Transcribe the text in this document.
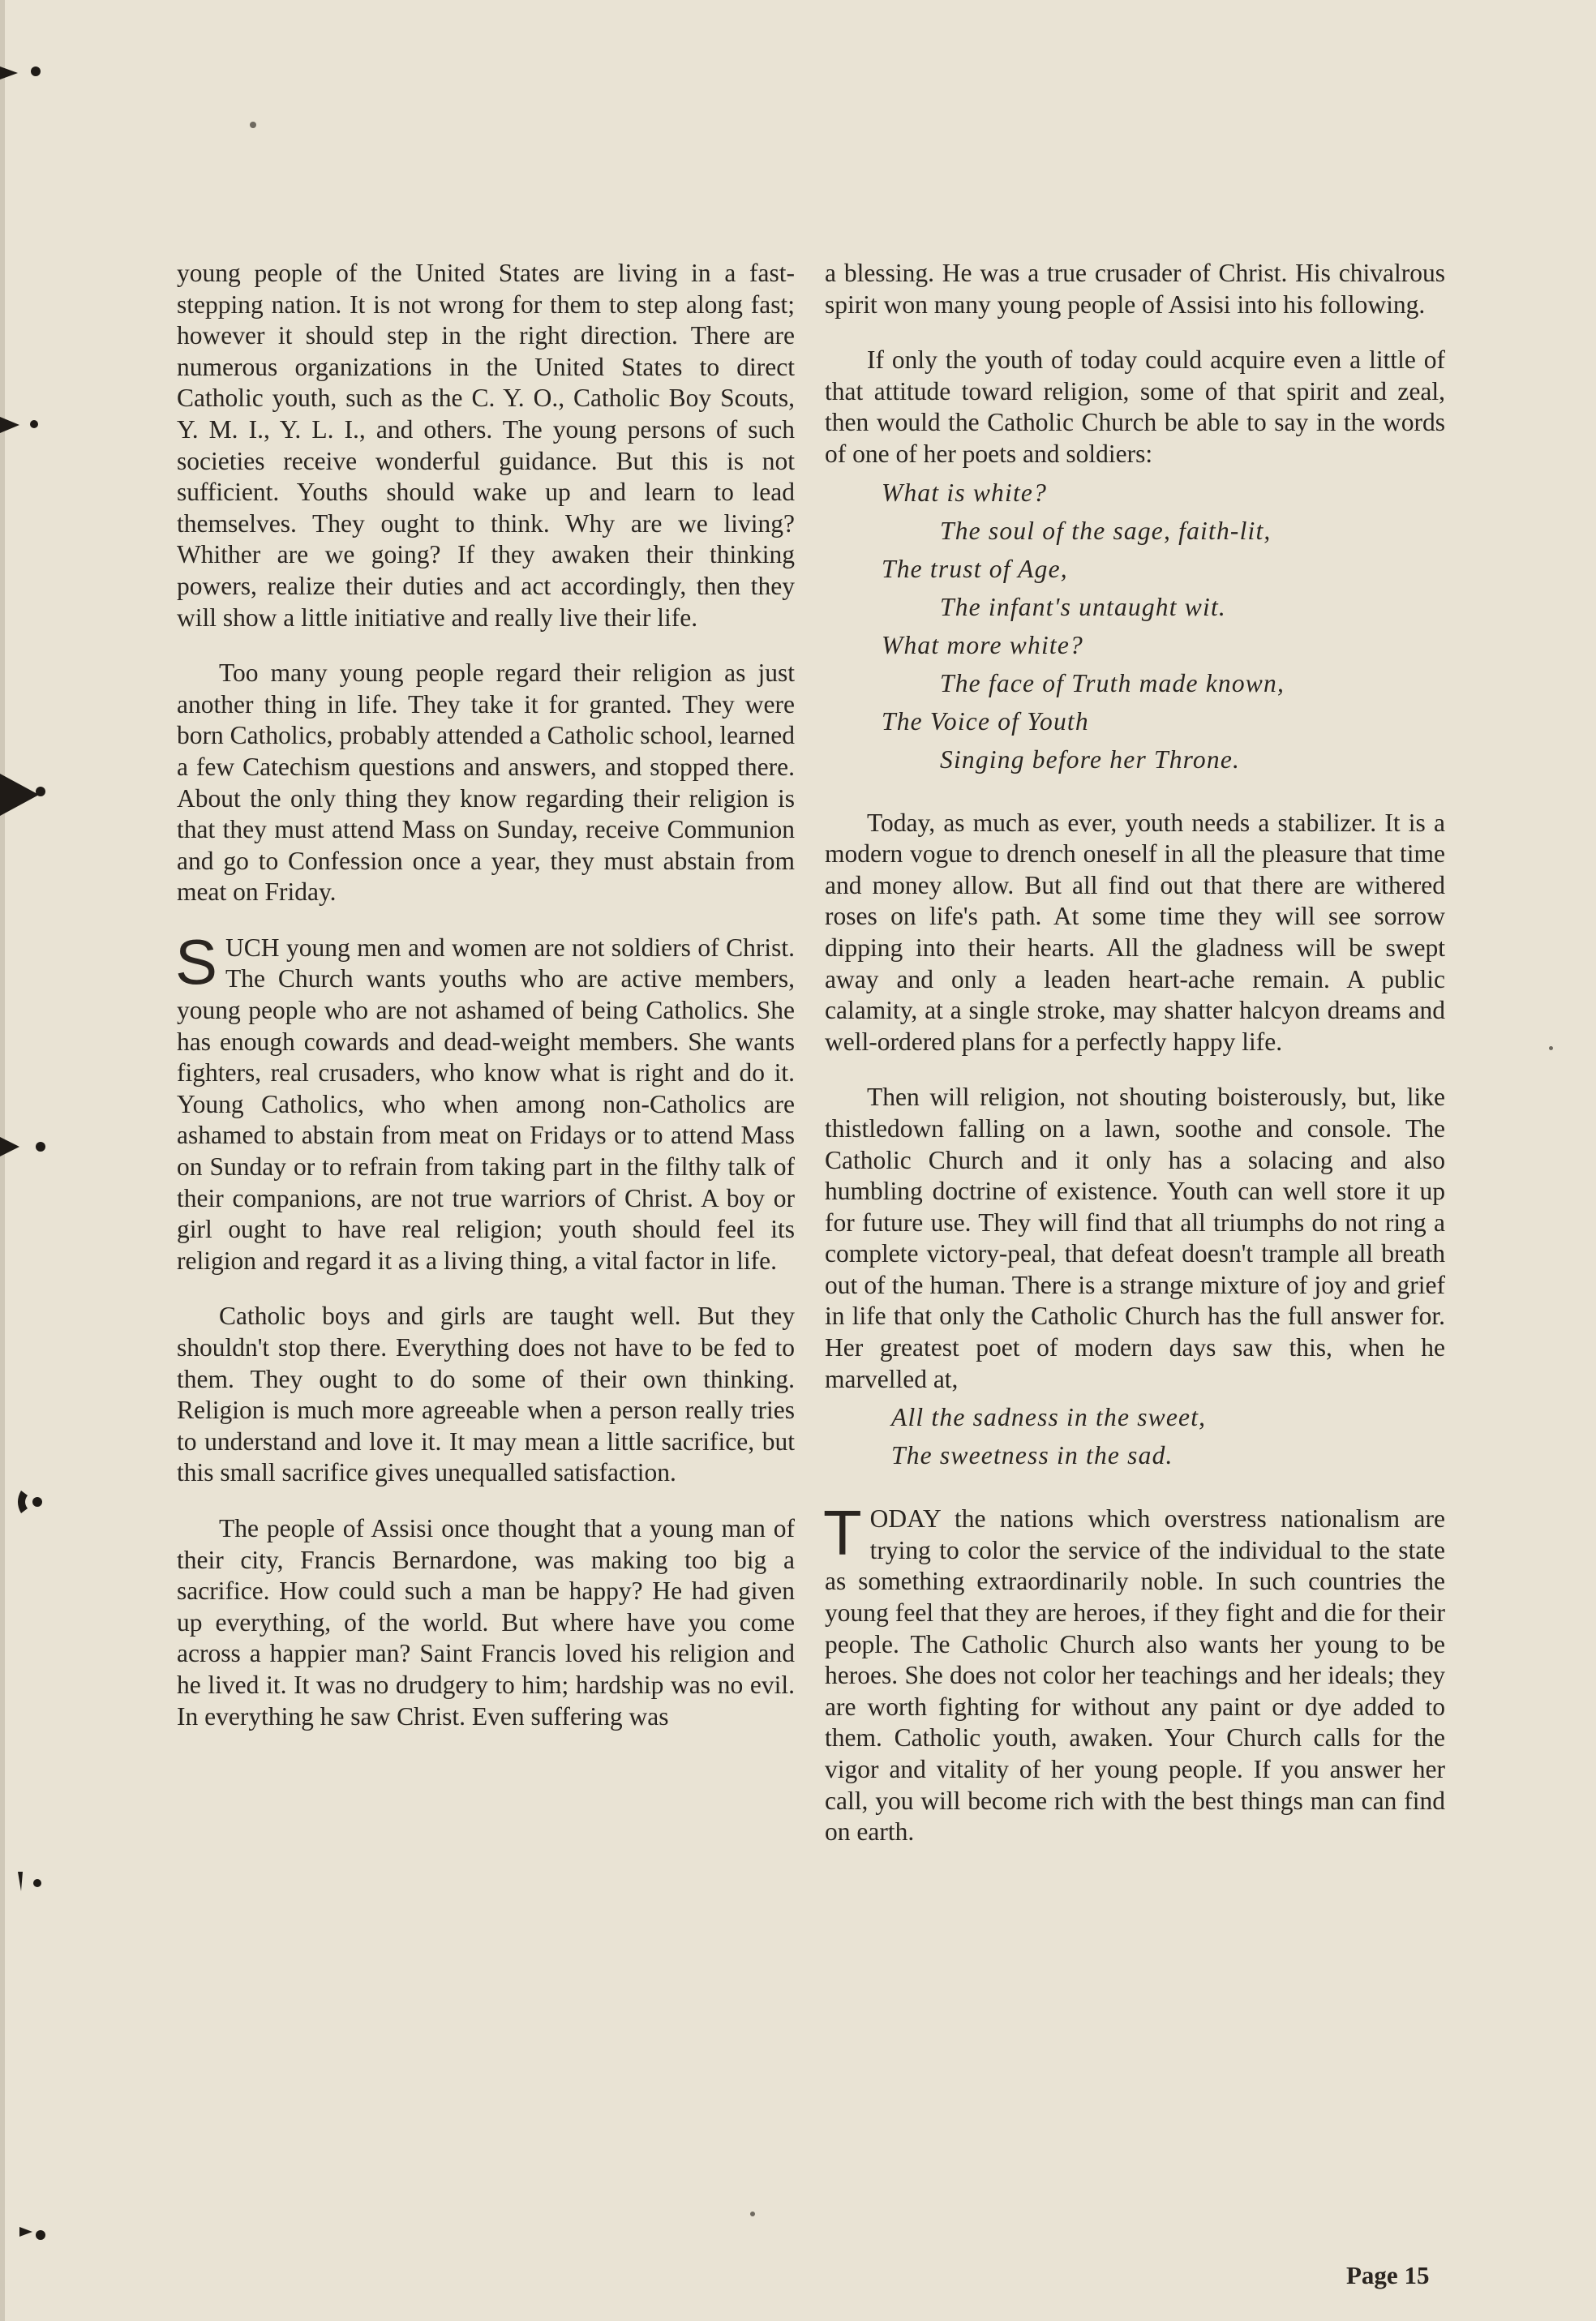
young people of the United States are living in a fast-stepping nation. It is not wrong for them to step along fast; however it should step in the right direction. There are numerous organizations in the United States to direct Catholic youth, such as the C. Y. O., Catholic Boy Scouts, Y. M. I., Y. L. I., and others. The young persons of such societies receive wonderful guidance. But this is not sufficient. Youths should wake up and learn to lead themselves. They ought to think. Why are we living? Whither are we going? If they awaken their thinking powers, realize their duties and act accordingly, then they will show a little initiative and really live their life.

Too many young people regard their religion as just another thing in life. They take it for granted. They were born Catholics, probably attended a Catholic school, learned a few Catechism questions and answers, and stopped there. About the only thing they know regarding their religion is that they must attend Mass on Sunday, receive Communion and go to Confession once a year, they must abstain from meat on Friday.

SUCH young men and women are not soldiers of Christ. The Church wants youths who are active members, young people who are not ashamed of being Catholics. She has enough cowards and dead-weight members. She wants fighters, real crusaders, who know what is right and do it. Young Catholics, who when among non-Catholics are ashamed to abstain from meat on Fridays or to attend Mass on Sunday or to refrain from taking part in the filthy talk of their companions, are not true warriors of Christ. A boy or girl ought to have real religion; youth should feel its religion and regard it as a living thing, a vital factor in life.

Catholic boys and girls are taught well. But they shouldn't stop there. Everything does not have to be fed to them. They ought to do some of their own thinking. Religion is much more agreeable when a person really tries to understand and love it. It may mean a little sacrifice, but this small sacrifice gives unequalled satisfaction.

The people of Assisi once thought that a young man of their city, Francis Bernardone, was making too big a sacrifice. How could such a man be happy? He had given up everything, of the world. But where have you come across a happier man? Saint Francis loved his religion and he lived it. It was no drudgery to him; hardship was no evil. In everything he saw Christ. Even suffering was

a blessing. He was a true crusader of Christ. His chivalrous spirit won many young people of Assisi into his following.

If only the youth of today could acquire even a little of that attitude toward religion, some of that spirit and zeal, then would the Catholic Church be able to say in the words of one of her poets and soldiers:

What is white?
The soul of the sage, faith-lit,
The trust of Age,
The infant's untaught wit.
What more white?
The face of Truth made known,
The Voice of Youth
Singing before her Throne.

Today, as much as ever, youth needs a stabilizer. It is a modern vogue to drench oneself in all the pleasure that time and money allow. But all find out that there are withered roses on life's path. At some time they will see sorrow dipping into their hearts. All the gladness will be swept away and only a leaden heart-ache remain. A public calamity, at a single stroke, may shatter halcyon dreams and well-ordered plans for a perfectly happy life.

Then will religion, not shouting boisterously, but, like thistledown falling on a lawn, soothe and console. The Catholic Church and it only has a solacing and also humbling doctrine of existence. Youth can well store it up for future use. They will find that all triumphs do not ring a complete victory-peal, that defeat doesn't trample all breath out of the human. There is a strange mixture of joy and grief in life that only the Catholic Church has the full answer for. Her greatest poet of modern days saw this, when he marvelled at,

All the sadness in the sweet,
The sweetness in the sad.

TODAY the nations which overstress nationalism are trying to color the service of the individual to the state as something extraordinarily noble. In such countries the young feel that they are heroes, if they fight and die for their people. The Catholic Church also wants her young to be heroes. She does not color her teachings and her ideals; they are worth fighting for without any paint or dye added to them. Catholic youth, awaken. Your Church calls for the vigor and vitality of her young people. If you answer her call, you will become rich with the best things man can find on earth.

Page 15
